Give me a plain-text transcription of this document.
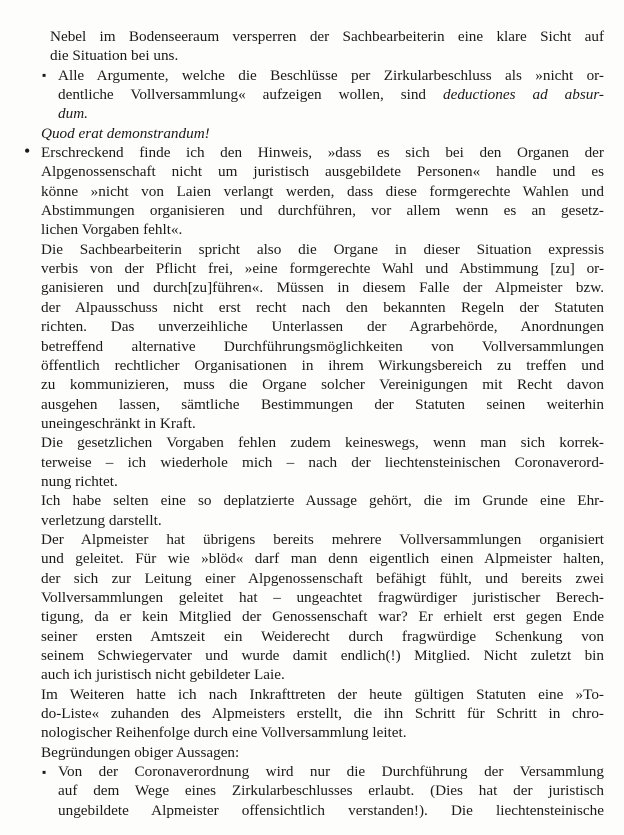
Nebel im Bodenseeraum versperren der Sachbearbeiterin eine klare Sicht auf
die Situation bei uns.
▪ Alle Argumente, welche die Beschlüsse per Zirkularbeschluss als »nicht or-
dentliche Vollversammlung« aufzeigen wollen, sind deductiones ad absur-
dum.
Quod erat demonstrandum!
• Erschreckend finde ich den Hinweis, »dass es sich bei den Organen der
Alpgenossenschaft nicht um juristisch ausgebildete Personen« handle und es
könne »nicht von Laien verlangt werden, dass diese formgerechte Wahlen und
Abstimmungen organisieren und durchführen, vor allem wenn es an gesetz-
lichen Vorgaben fehlt«.
Die Sachbearbeiterin spricht also die Organe in dieser Situation expressis
verbis von der Pflicht frei, »eine formgerechte Wahl und Abstimmung [zu] or-
ganisieren und durch[zu]führen«. Müssen in diesem Falle der Alpmeister bzw.
der Alpausschuss nicht erst recht nach den bekannten Regeln der Statuten
richten. Das unverzeihliche Unterlassen der Agrarbehörde, Anordnungen
betreffend alternative Durchführungsmöglichkeiten von Vollversammlungen
öffentlich rechtlicher Organisationen in ihrem Wirkungsbereich zu treffen und
zu kommunizieren, muss die Organe solcher Vereinigungen mit Recht davon
ausgehen lassen, sämtliche Bestimmungen der Statuten seinen weiterhin
uneingeschränkt in Kraft.
Die gesetzlichen Vorgaben fehlen zudem keineswegs, wenn man sich korrek-
terweise – ich wiederhole mich – nach der liechtensteinischen Coronaverord-
nung richtet.
Ich habe selten eine so deplatzierte Aussage gehört, die im Grunde eine Ehr-
verletzung darstellt.
Der Alpmeister hat übrigens bereits mehrere Vollversammlungen organisiert
und geleitet. Für wie »blöd« darf man denn eigentlich einen Alpmeister halten,
der sich zur Leitung einer Alpgenossenschaft befähigt fühlt, und bereits zwei
Vollversammlungen geleitet hat – ungeachtet fragwürdiger juristischer Berech-
tigung, da er kein Mitglied der Genossenschaft war? Er erhielt erst gegen Ende
seiner ersten Amtszeit ein Weiderecht durch fragwürdige Schenkung von
seinem Schwiegervater und wurde damit endlich(!) Mitglied. Nicht zuletzt bin
auch ich juristisch nicht gebildeter Laie.
Im Weiteren hatte ich nach Inkrafttreten der heute gültigen Statuten eine »To-
do-Liste« zuhanden des Alpmeisters erstellt, die ihn Schritt für Schritt in chro-
nologischer Reihenfolge durch eine Vollversammlung leitet.
Begründungen obiger Aussagen:
▪ Von der Coronaverordnung wird nur die Durchführung der Versammlung
auf dem Wege eines Zirkularbeschlusses erlaubt. (Dies hat der juristisch
ungebildete Alpmeister offensichtlich verstanden!). Die liechtensteinische
